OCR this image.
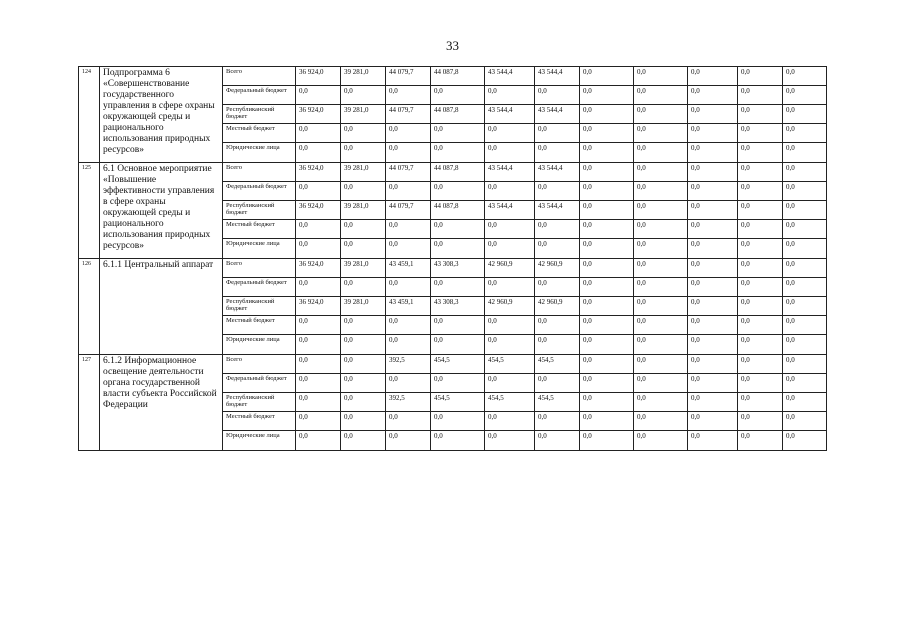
33
124	Подпрограмма 6 «Совершенствование государственного управления в сфере охраны окружающей среды и рационального использования природных ресурсов»	Всего	36 924,0	39 281,0	44 079,7	44 087,8	43 544,4	43 544,4	0,0	0,0	0,0	0,0	0,0
		Федеральный бюджет	0,0	0,0	0,0	0,0	0,0	0,0	0,0	0,0	0,0	0,0	0,0
		Республиканский бюджет	36 924,0	39 281,0	44 079,7	44 087,8	43 544,4	43 544,4	0,0	0,0	0,0	0,0	0,0
		Местный бюджет	0,0	0,0	0,0	0,0	0,0	0,0	0,0	0,0	0,0	0,0	0,0
		Юридические лица	0,0	0,0	0,0	0,0	0,0	0,0	0,0	0,0	0,0	0,0	0,0
125	6.1 Основное мероприятие «Повышение эффективности управления в сфере охраны окружающей среды и рационального использования природных ресурсов»	Всего	36 924,0	39 281,0	44 079,7	44 087,8	43 544,4	43 544,4	0,0	0,0	0,0	0,0	0,0
		Федеральный бюджет	0,0	0,0	0,0	0,0	0,0	0,0	0,0	0,0	0,0	0,0	0,0
		Республиканский бюджет	36 924,0	39 281,0	44 079,7	44 087,8	43 544,4	43 544,4	0,0	0,0	0,0	0,0	0,0
		Местный бюджет	0,0	0,0	0,0	0,0	0,0	0,0	0,0	0,0	0,0	0,0	0,0
		Юридические лица	0,0	0,0	0,0	0,0	0,0	0,0	0,0	0,0	0,0	0,0	0,0
126	6.1.1 Центральный аппарат	Всего	36 924,0	39 281,0	43 459,1	43 308,3	42 960,9	42 960,9	0,0	0,0	0,0	0,0	0,0
		Федеральный бюджет	0,0	0,0	0,0	0,0	0,0	0,0	0,0	0,0	0,0	0,0	0,0
		Республиканский бюджет	36 924,0	39 281,0	43 459,1	43 308,3	42 960,9	42 960,9	0,0	0,0	0,0	0,0	0,0
		Местный бюджет	0,0	0,0	0,0	0,0	0,0	0,0	0,0	0,0	0,0	0,0	0,0
		Юридические лица	0,0	0,0	0,0	0,0	0,0	0,0	0,0	0,0	0,0	0,0	0,0
127	6.1.2 Информационное освещение деятельности органа государственной власти субъекта Российской Федерации	Всего	0,0	0,0	392,5	454,5	454,5	454,5	0,0	0,0	0,0	0,0	0,0
		Федеральный бюджет	0,0	0,0	0,0	0,0	0,0	0,0	0,0	0,0	0,0	0,0	0,0
		Республиканский бюджет	0,0	0,0	392,5	454,5	454,5	454,5	0,0	0,0	0,0	0,0	0,0
		Местный бюджет	0,0	0,0	0,0	0,0	0,0	0,0	0,0	0,0	0,0	0,0	0,0
		Юридические лица	0,0	0,0	0,0	0,0	0,0	0,0	0,0	0,0	0,0	0,0	0,0
